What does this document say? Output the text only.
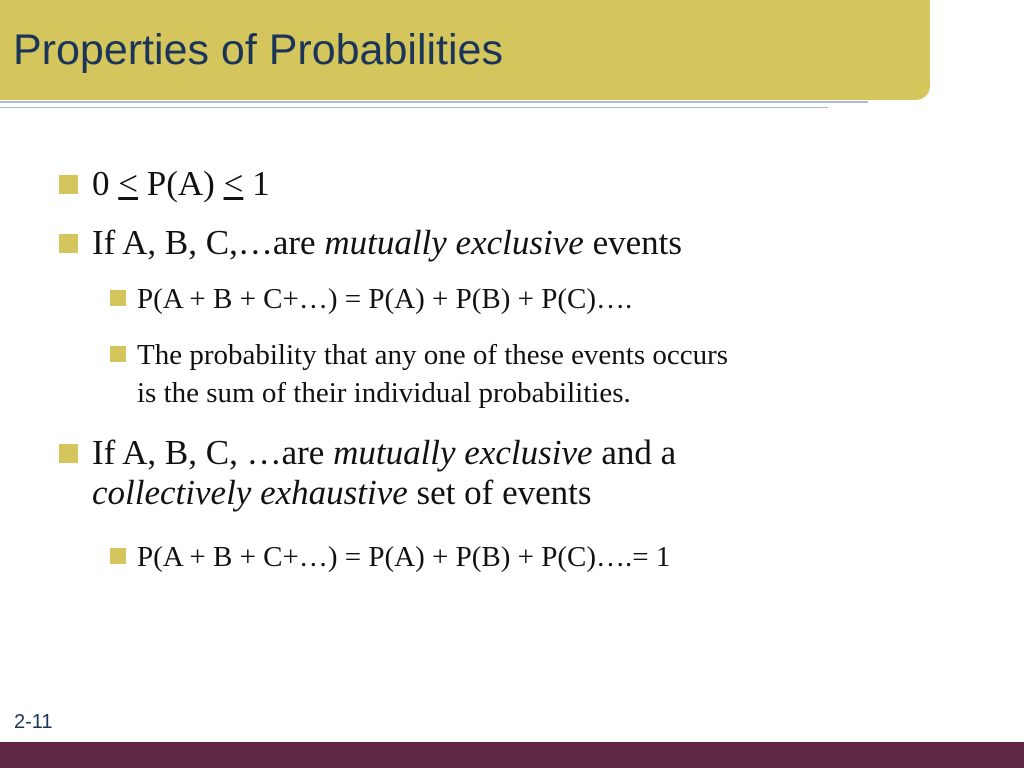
Properties of Probabilities
0 ≤ P(A) ≤ 1
If A, B, C,…are mutually exclusive events
P(A + B + C+…) = P(A) + P(B) + P(C)….
The probability that any one of these events occurs
is the sum of their individual probabilities.
If A, B, C, …are mutually exclusive and a
collectively exhaustive set of events
P(A + B + C+…) = P(A) + P(B) + P(C)….= 1
2-11
